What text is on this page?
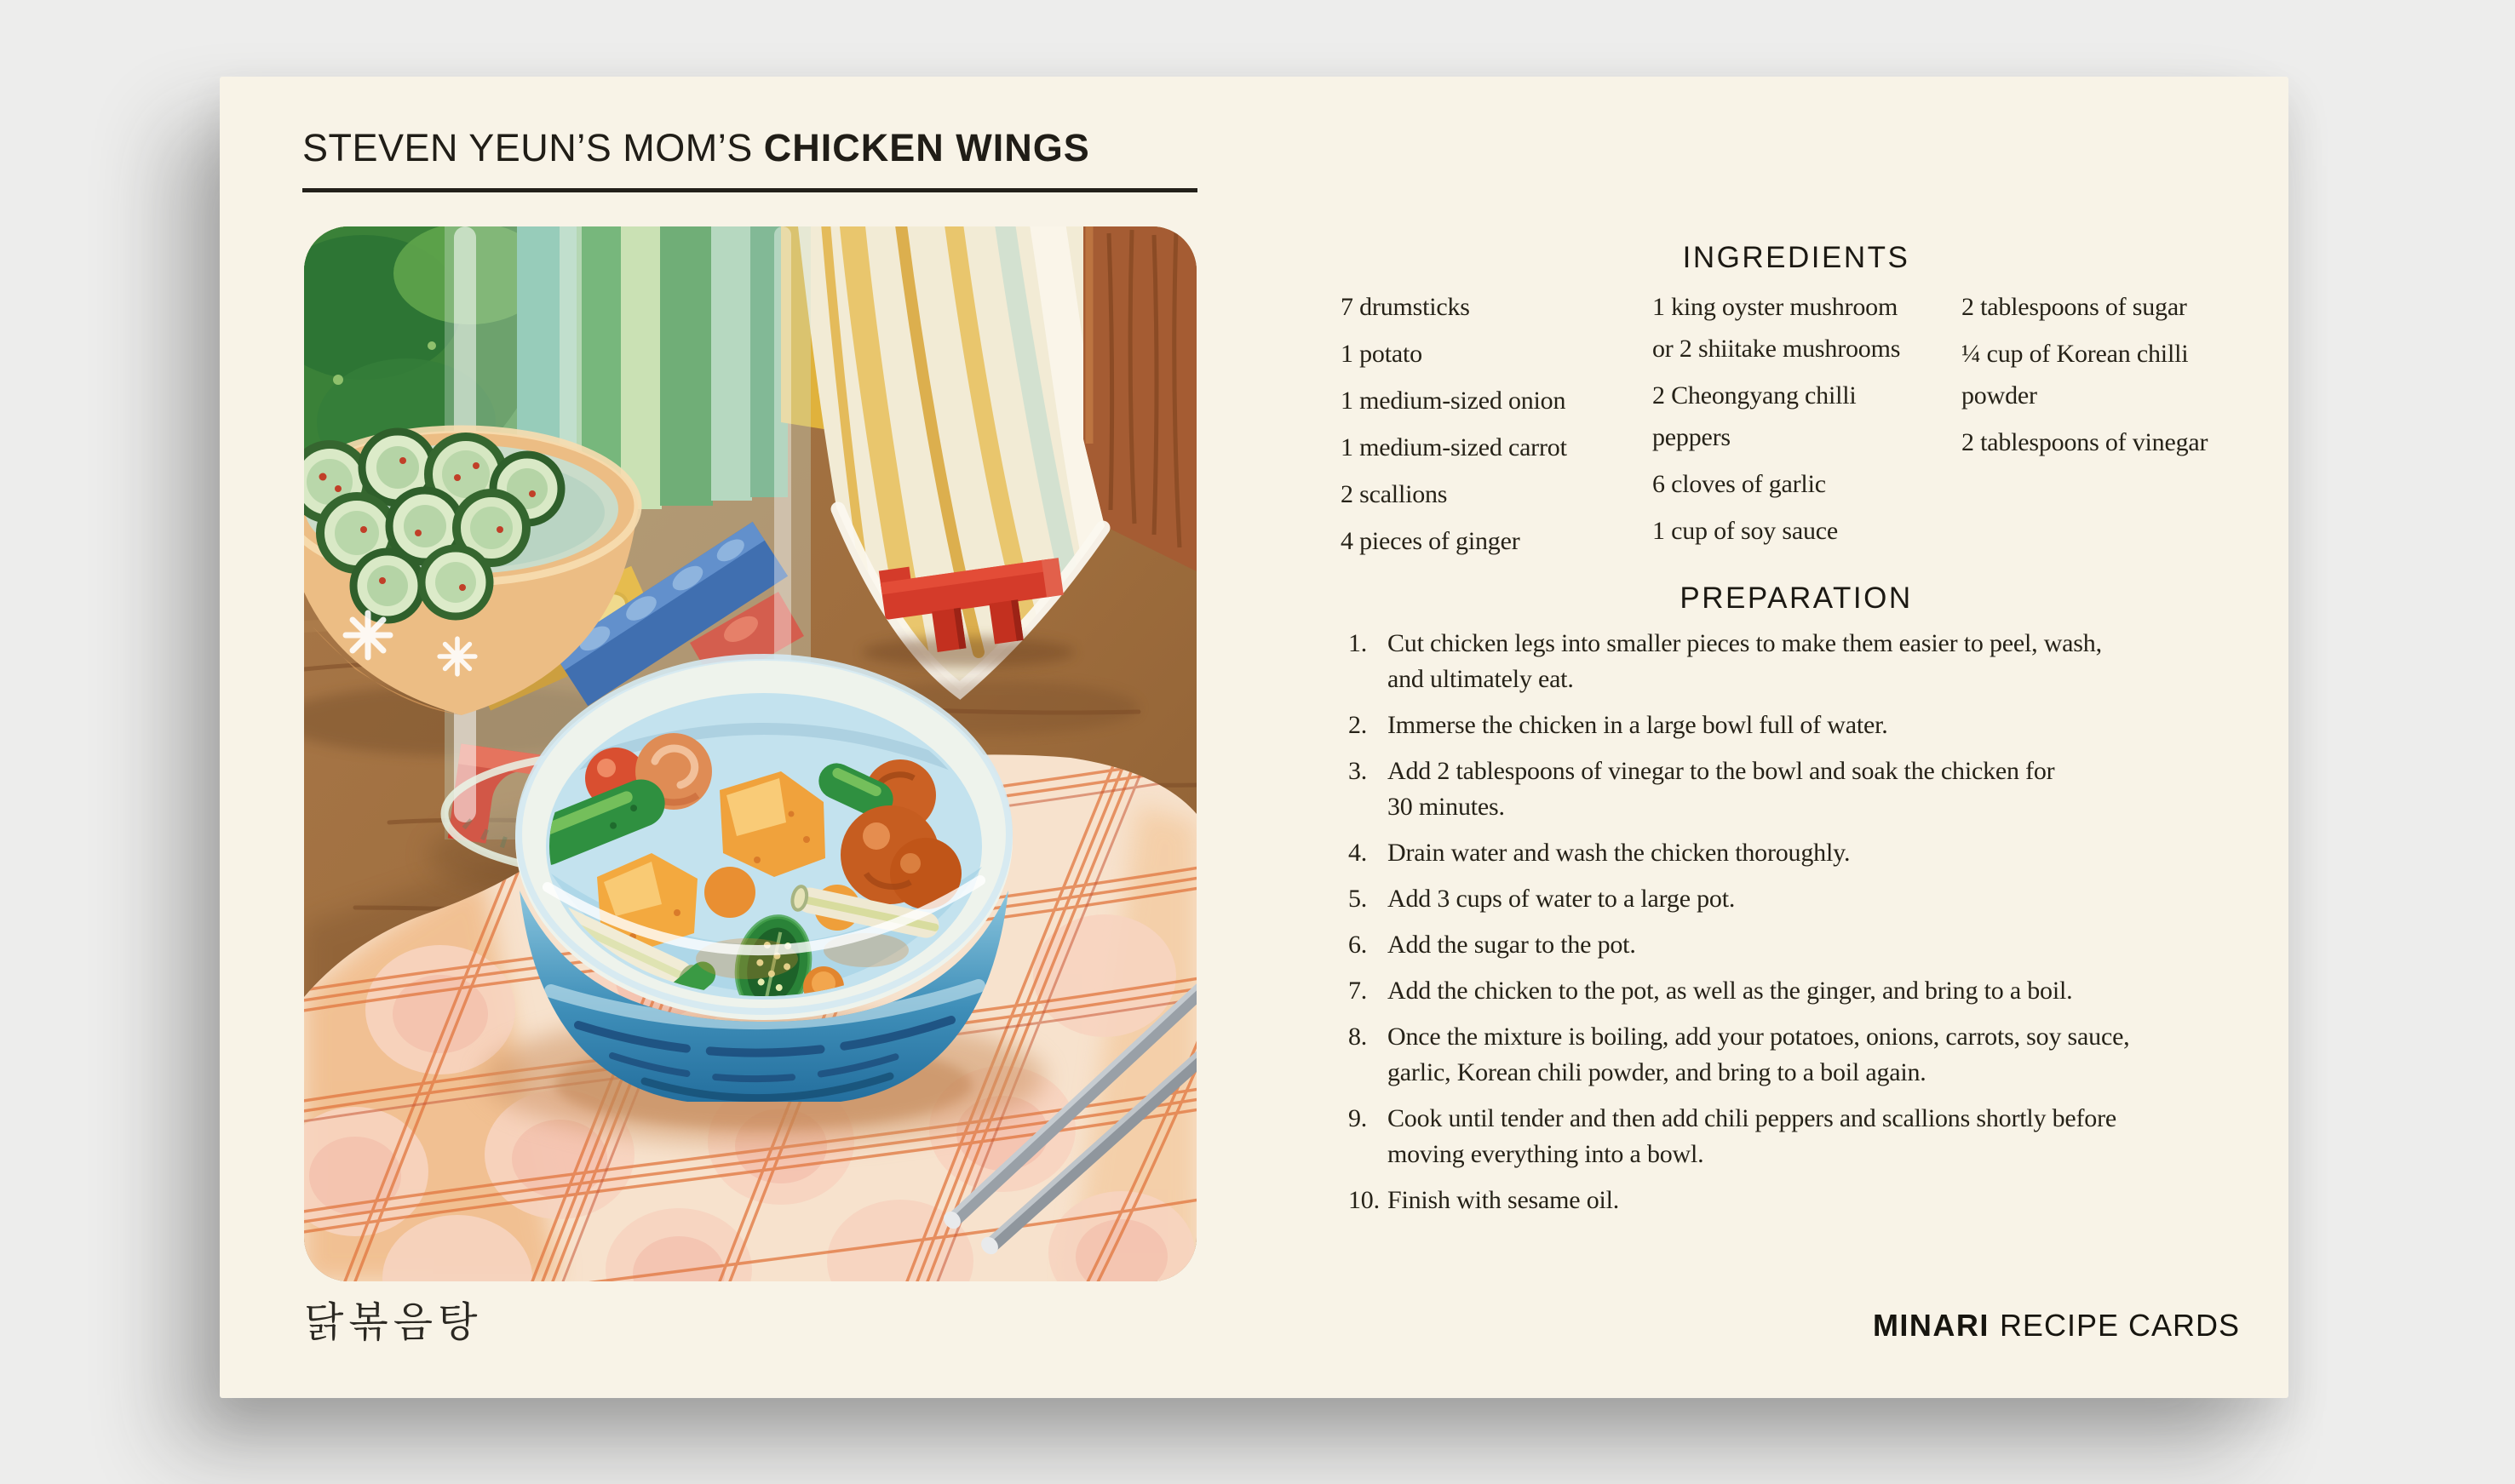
STEVEN YEUN’S MOM’S CHICKEN WINGS
닭볶음탕
INGREDIENTS
7 drumsticks
1 potato
1 medium-sized onion
1 medium-sized carrot
2 scallions
4 pieces of ginger
1 king oyster mushroom
or 2 shiitake mushrooms
2 Cheongyang chilli
peppers
6 cloves of garlic
1 cup of soy sauce
2 tablespoons of sugar
¼ cup of Korean chilli
powder
2 tablespoons of vinegar
PREPARATION
1. Cut chicken legs into smaller pieces to make them easier to peel, wash,
and ultimately eat.
2. Immerse the chicken in a large bowl full of water.
3. Add 2 tablespoons of vinegar to the bowl and soak the chicken for
30 minutes.
4. Drain water and wash the chicken thoroughly.
5. Add 3 cups of water to a large pot.
6. Add the sugar to the pot.
7. Add the chicken to the pot, as well as the ginger, and bring to a boil.
8. Once the mixture is boiling, add your potatoes, onions, carrots, soy sauce,
garlic, Korean chili powder, and bring to a boil again.
9. Cook until tender and then add chili peppers and scallions shortly before
moving everything into a bowl.
10. Finish with sesame oil.
MINARI RECIPE CARDS
